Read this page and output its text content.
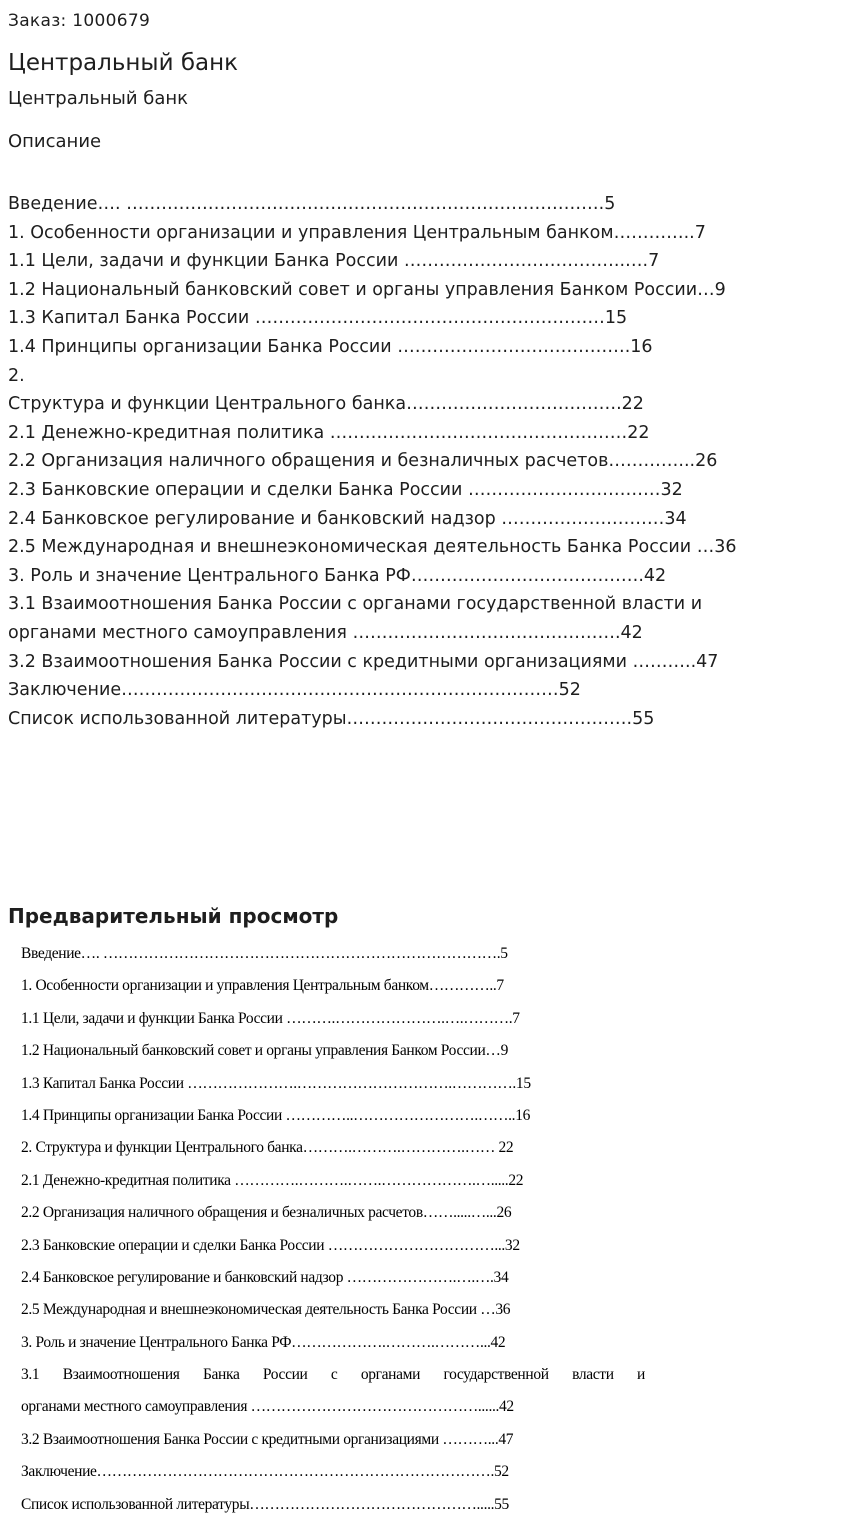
Заказ: 1000679
Центральный банк
Центральный банк
Описание
Введение…. ……………………………………………………………………….5
1. Особенности организации и управления Центральным банком…………..7
1.1 Цели, задачи и функции Банка России ………………………………..….7
1.2 Национальный банковский совет и органы управления Банком России…9
1.3 Капитал Банка России ……………………………………………………15
1.4 Принципы организации Банка России ………………………………….16
2.
Структура и функции Центрального банка……………………………….22
2.1 Денежно-кредитная политика ……………………………………………22
2.2 Организация наличного обращения и безналичных расчетов…………...26
2.3 Банковские операции и сделки Банка России ……………………………32
2.4 Банковское регулирование и банковский надзор ……………….………34
2.5 Международная и внешнеэкономическая деятельность Банка России …36
3. Роль и значение Центрального Банка РФ………………………………….42
3.1 Взаимоотношения Банка России с органами государственной власти и
органами местного самоуправления ……………………………………….42
3.2 Взаимоотношения Банка России с кредитными организациями ………..47
Заключение…………………………………………………………………52
Список использованной литературы………………………………………….55
Предварительный просмотр
Введение…. …………………………………………………………………….5
1. Особенности организации и управления Центральным банком…………..7
1.1 Цели, задачи и функции Банка России ……….………………….….……….7
1.2 Национальный банковский совет и органы управления Банком России…9
1.3 Капитал Банка России ………………….………………………….………….15
1.4 Принципы организации Банка России …………..…………………….……..16
2. Структура и функции Центрального банка……….……….………….…… 22
2.1 Денежно-кредитная политика ………….……….…….……………….….....22
2.2 Организация наличного обращения и безналичных расчетов…….....…...26
2.3 Банковские операции и сделки Банка России ……………………………...32
2.4 Банковское регулирование и банковский надзор ………………….….….34
2.5 Международная и внешнеэкономическая деятельность Банка России …36
3. Роль и значение Центрального Банка РФ……………….……….………...42
3.1 Взаимоотношения Банка России с органами государственной власти и
органами местного самоуправления ………………………………………......42
3.2 Взаимоотношения Банка России с кредитными организациями ………...47
Заключение…………………………………………………………………….52
Список использованной литературы……………………………………….....55
